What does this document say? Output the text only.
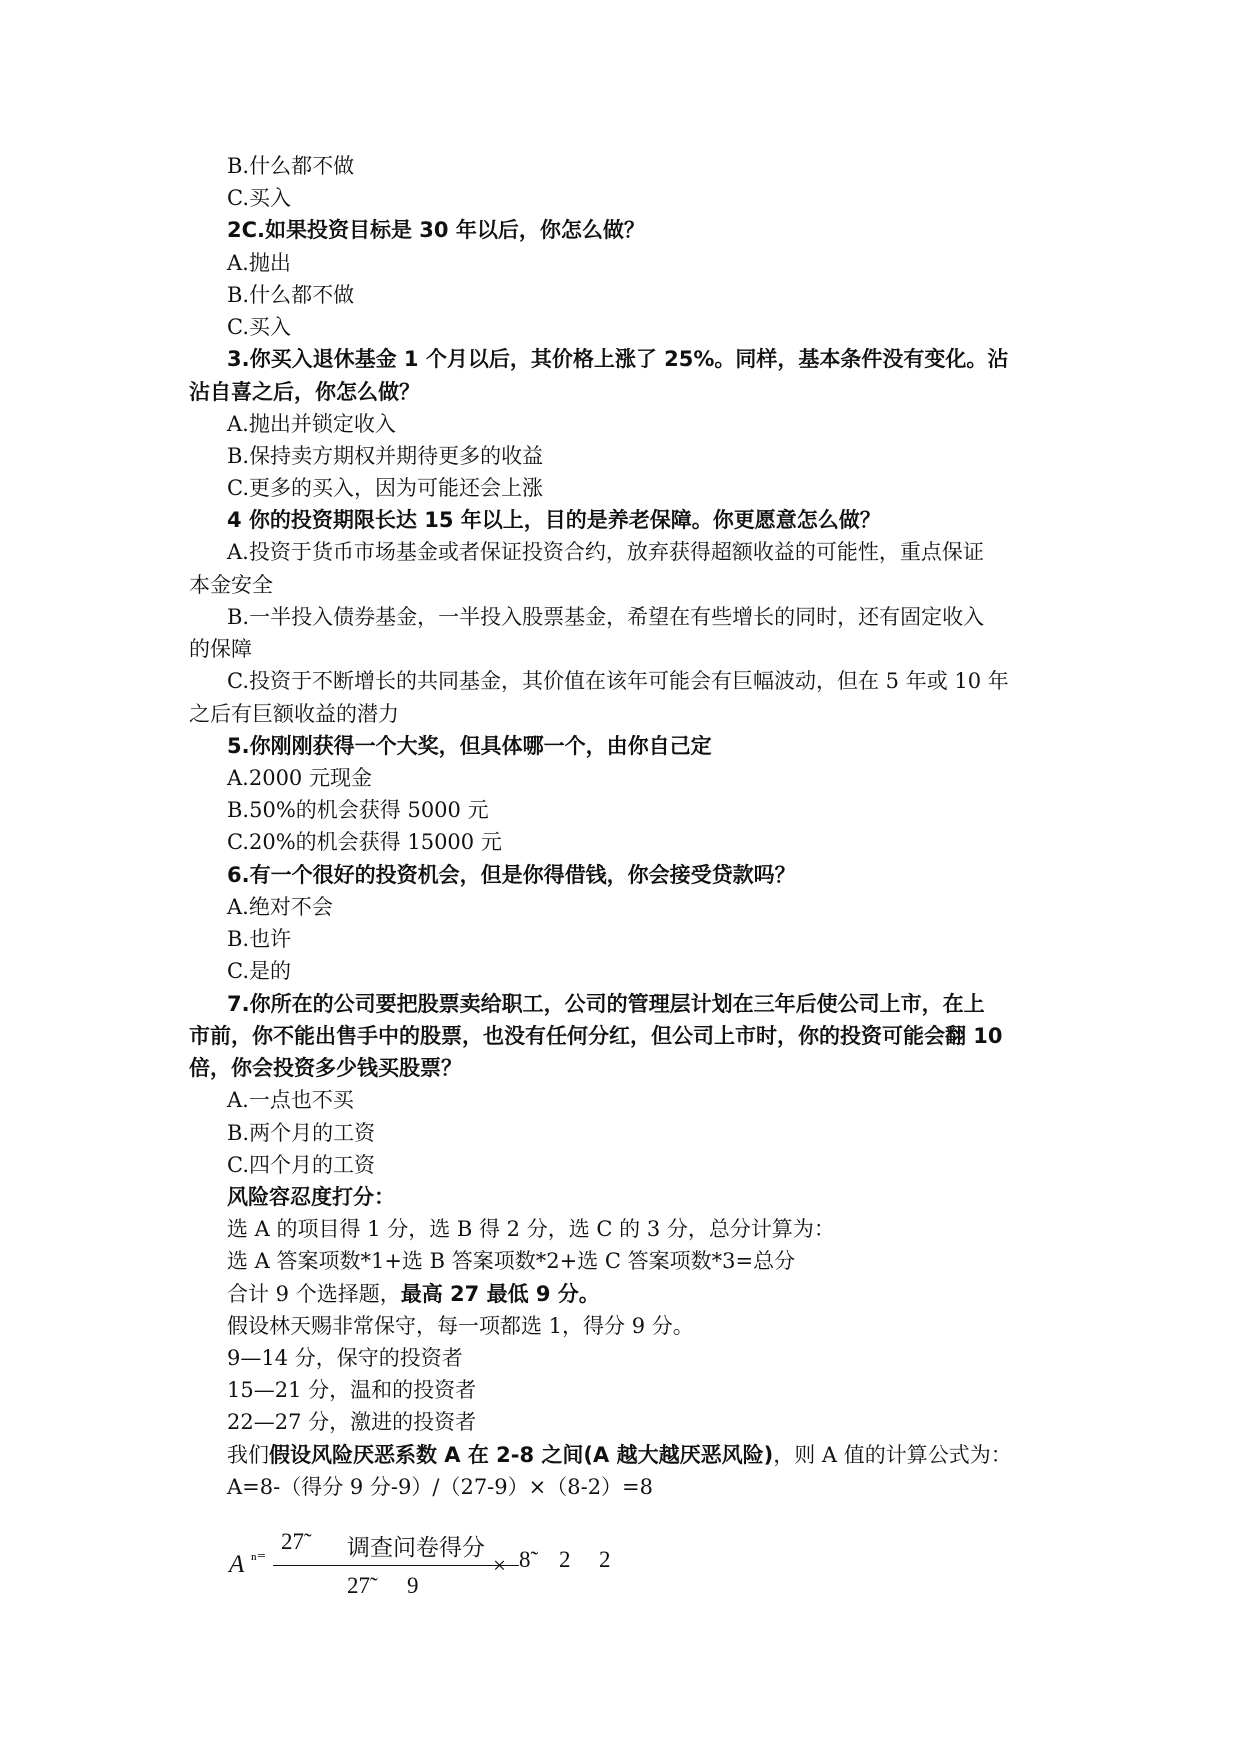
B.什么都不做
C.买入
2C.如果投资目标是 30 年以后，你怎么做？
A.抛出
B.什么都不做
C.买入
3.你买入退休基金 1 个月以后，其价格上涨了 25%。同样，基本条件没有变化。沾
沾自喜之后，你怎么做？
A.抛出并锁定收入
B.保持卖方期权并期待更多的收益
C.更多的买入，因为可能还会上涨
4 你的投资期限长达 15 年以上，目的是养老保障。你更愿意怎么做？
A.投资于货币市场基金或者保证投资合约，放弃获得超额收益的可能性，重点保证
本金安全
B.一半投入债券基金，一半投入股票基金，希望在有些增长的同时，还有固定收入
的保障
C.投资于不断增长的共同基金，其价值在该年可能会有巨幅波动，但在 5 年或 10 年
之后有巨额收益的潜力
5.你刚刚获得一个大奖，但具体哪一个，由你自己定
A.2000 元现金
B.50%的机会获得 5000 元
C.20%的机会获得 15000 元
6.有一个很好的投资机会，但是你得借钱，你会接受贷款吗？
A.绝对不会
B.也许
C.是的
7.你所在的公司要把股票卖给职工，公司的管理层计划在三年后使公司上市，在上
市前，你不能出售手中的股票，也没有任何分红，但公司上市时，你的投资可能会翻 10
倍，你会投资多少钱买股票？
A.一点也不买
B.两个月的工资
C.四个月的工资
风险容忍度打分：
选 A 的项目得 1 分，选 B 得 2 分，选 C 的 3 分，总分计算为：
选 A 答案项数*1+选 B 答案项数*2+选 C 答案项数*3=总分
合计 9 个选择题，最高 27 最低 9 分。
假设林天赐非常保守，每一项都选 1，得分 9 分。
9—14 分，保守的投资者
15—21 分，温和的投资者
22—27 分，激进的投资者
我们假设风险厌恶系数 A 在 2-8 之间(A 越大越厌恶风险)，则 A 值的计算公式为：
A=8-（得分 9 分-9）/（27-9）×（8-2）=8
A ⁿ⁼
27̃ 调查问卷得分
27̃ 9
× 8̃ 2 2
